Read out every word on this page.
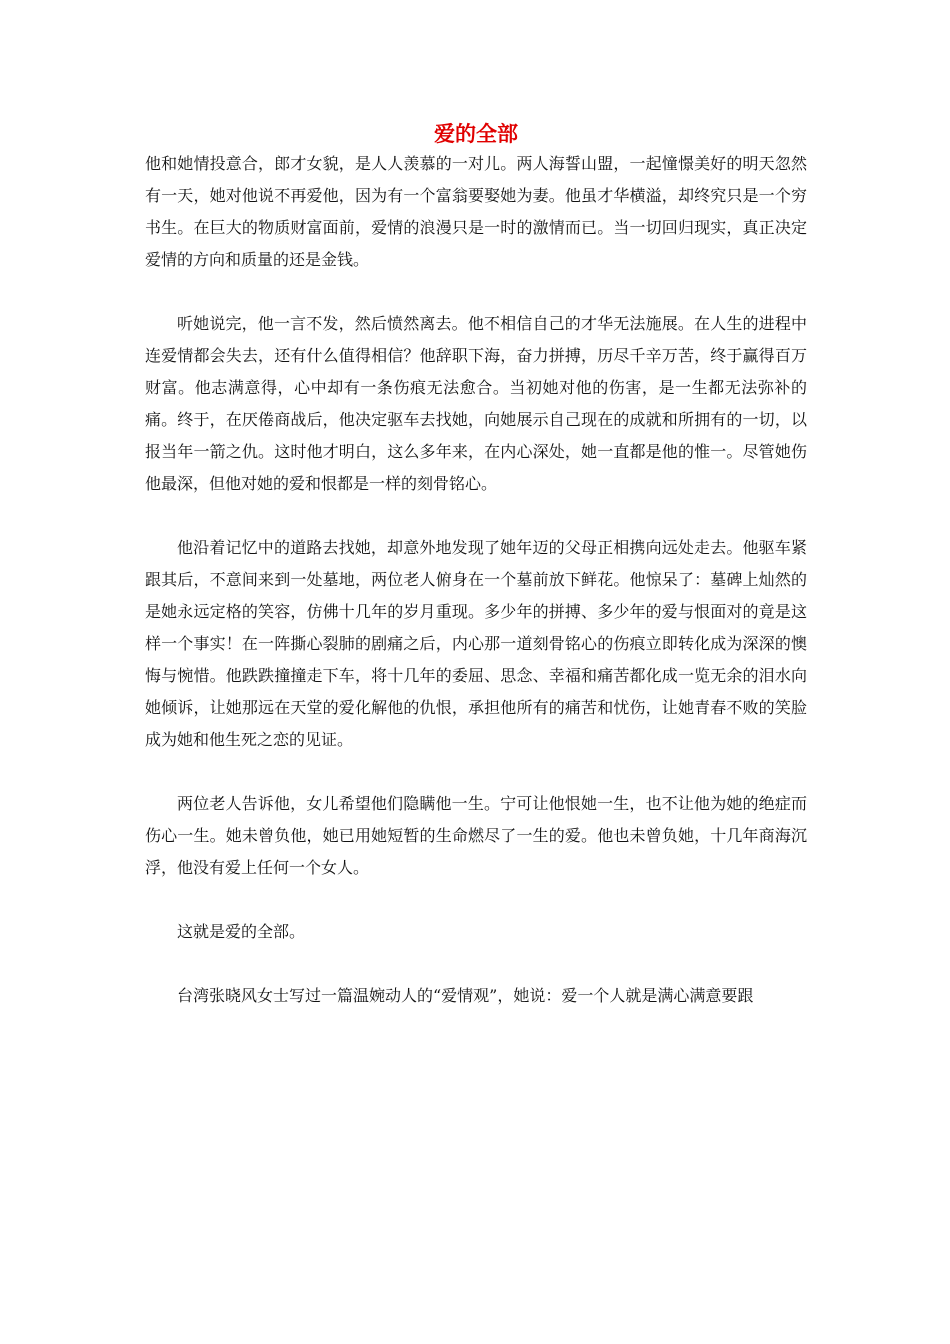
爱的全部

他和她情投意合，郎才女貌，是人人羡慕的一对儿。两人海誓山盟，一起憧憬美好的明天忽然有一天，她对他说不再爱他，因为有一个富翁要娶她为妻。他虽才华横溢，却终究只是一个穷书生。在巨大的物质财富面前，爱情的浪漫只是一时的激情而已。当一切回归现实，真正决定爱情的方向和质量的还是金钱。

听她说完，他一言不发，然后愤然离去。他不相信自己的才华无法施展。在人生的进程中连爱情都会失去，还有什么值得相信？他辞职下海，奋力拼搏，历尽千辛万苦，终于赢得百万财富。他志满意得，心中却有一条伤痕无法愈合。当初她对他的伤害，是一生都无法弥补的痛。终于，在厌倦商战后，他决定驱车去找她，向她展示自己现在的成就和所拥有的一切，以报当年一箭之仇。这时他才明白，这么多年来，在内心深处，她一直都是他的惟一。尽管她伤他最深，但他对她的爱和恨都是一样的刻骨铭心。

他沿着记忆中的道路去找她，却意外地发现了她年迈的父母正相携向远处走去。他驱车紧跟其后，不意间来到一处墓地，两位老人俯身在一个墓前放下鲜花。他惊呆了：墓碑上灿然的是她永远定格的笑容，仿佛十几年的岁月重现。多少年的拼搏、多少年的爱与恨面对的竟是这样一个事实！在一阵撕心裂肺的剧痛之后，内心那一道刻骨铭心的伤痕立即转化成为深深的懊悔与惋惜。他跌跌撞撞走下车，将十几年的委屈、思念、幸福和痛苦都化成一览无余的泪水向她倾诉，让她那远在天堂的爱化解他的仇恨，承担他所有的痛苦和忧伤，让她青春不败的笑脸成为她和他生死之恋的见证。

两位老人告诉他，女儿希望他们隐瞒他一生。宁可让他恨她一生，也不让他为她的绝症而伤心一生。她未曾负他，她已用她短暂的生命燃尽了一生的爱。他也未曾负她，十几年商海沉浮，他没有爱上任何一个女人。

这就是爱的全部。

台湾张晓风女士写过一篇温婉动人的“爱情观”，她说：爱一个人就是满心满意要跟
